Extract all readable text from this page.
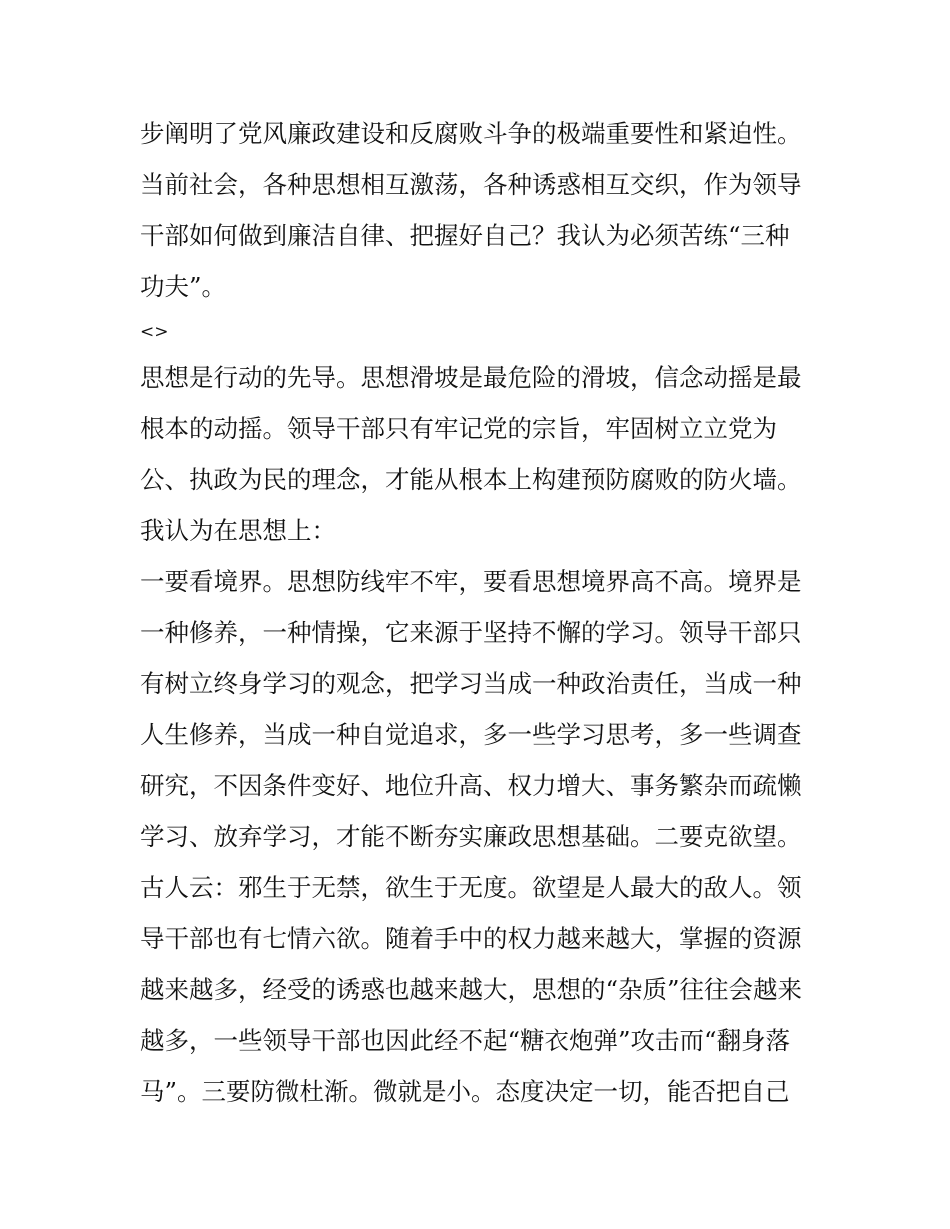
步阐明了党风廉政建设和反腐败斗争的极端重要性和紧迫性。
当前社会，各种思想相互激荡，各种诱惑相互交织，作为领导
干部如何做到廉洁自律、把握好自己？我认为必须苦练“三种
功夫”。
<>
思想是行动的先导。思想滑坡是最危险的滑坡，信念动摇是最
根本的动摇。领导干部只有牢记党的宗旨，牢固树立立党为
公、执政为民的理念，才能从根本上构建预防腐败的防火墙。
我认为在思想上：
一要看境界。思想防线牢不牢，要看思想境界高不高。境界是
一种修养，一种情操，它来源于坚持不懈的学习。领导干部只
有树立终身学习的观念，把学习当成一种政治责任，当成一种
人生修养，当成一种自觉追求，多一些学习思考，多一些调查
研究，不因条件变好、地位升高、权力增大、事务繁杂而疏懒
学习、放弃学习，才能不断夯实廉政思想基础。二要克欲望。
古人云：邪生于无禁，欲生于无度。欲望是人最大的敌人。领
导干部也有七情六欲。随着手中的权力越来越大，掌握的资源
越来越多，经受的诱惑也越来越大，思想的“杂质”往往会越来
越多，一些领导干部也因此经不起“糖衣炮弹”攻击而“翻身落
马”。三要防微杜渐。微就是小。态度决定一切，能否把自己
